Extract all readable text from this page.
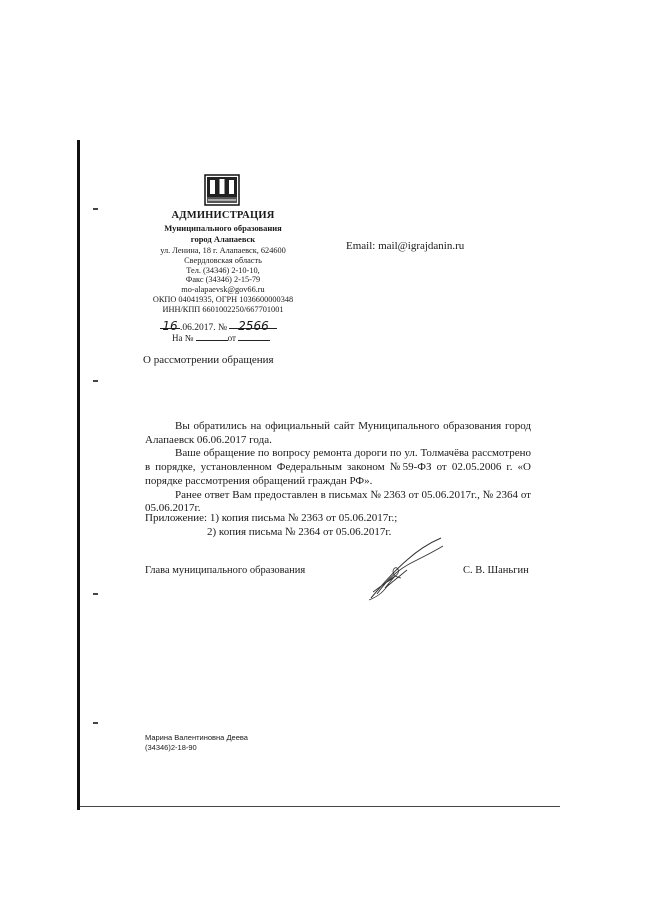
АДМИНИСТРАЦИЯ
Муниципального образования
город Алапаевск
ул. Ленина, 18 г. Алапаевск, 624600
Свердловская область
Тел. (34346) 2-10-10,
Факс (34346) 2-15-79
mo-alapaevsk@gov66.ru
ОКПО 04041935, ОГРН 1036600000348
ИНН/КПП 6601002250/667701001
16 .06.2017. № 2566
На №	от
Email: mail@igrajdanin.ru
О рассмотрении обращения

Вы обратились на официальный сайт Муниципального образования город Алапаевск 06.06.2017 года.

Ваше обращение по вопросу ремонта дороги по ул. Толмачёва рассмотрено в порядке, установленном Федеральным законом №59-ФЗ от 02.05.2006 г. «О порядке рассмотрения обращений граждан РФ».

Ранее ответ Вам предоставлен в письмах № 2363 от 05.06.2017г., № 2364 от 05.06.2017г.

Приложение: 1) копия письма № 2363 от 05.06.2017г.;
2) копия письма № 2364 от 05.06.2017г.
Глава муниципального образования	С. В. Шаньгин
Марина Валентиновна Деева
(34346)2-18-90
